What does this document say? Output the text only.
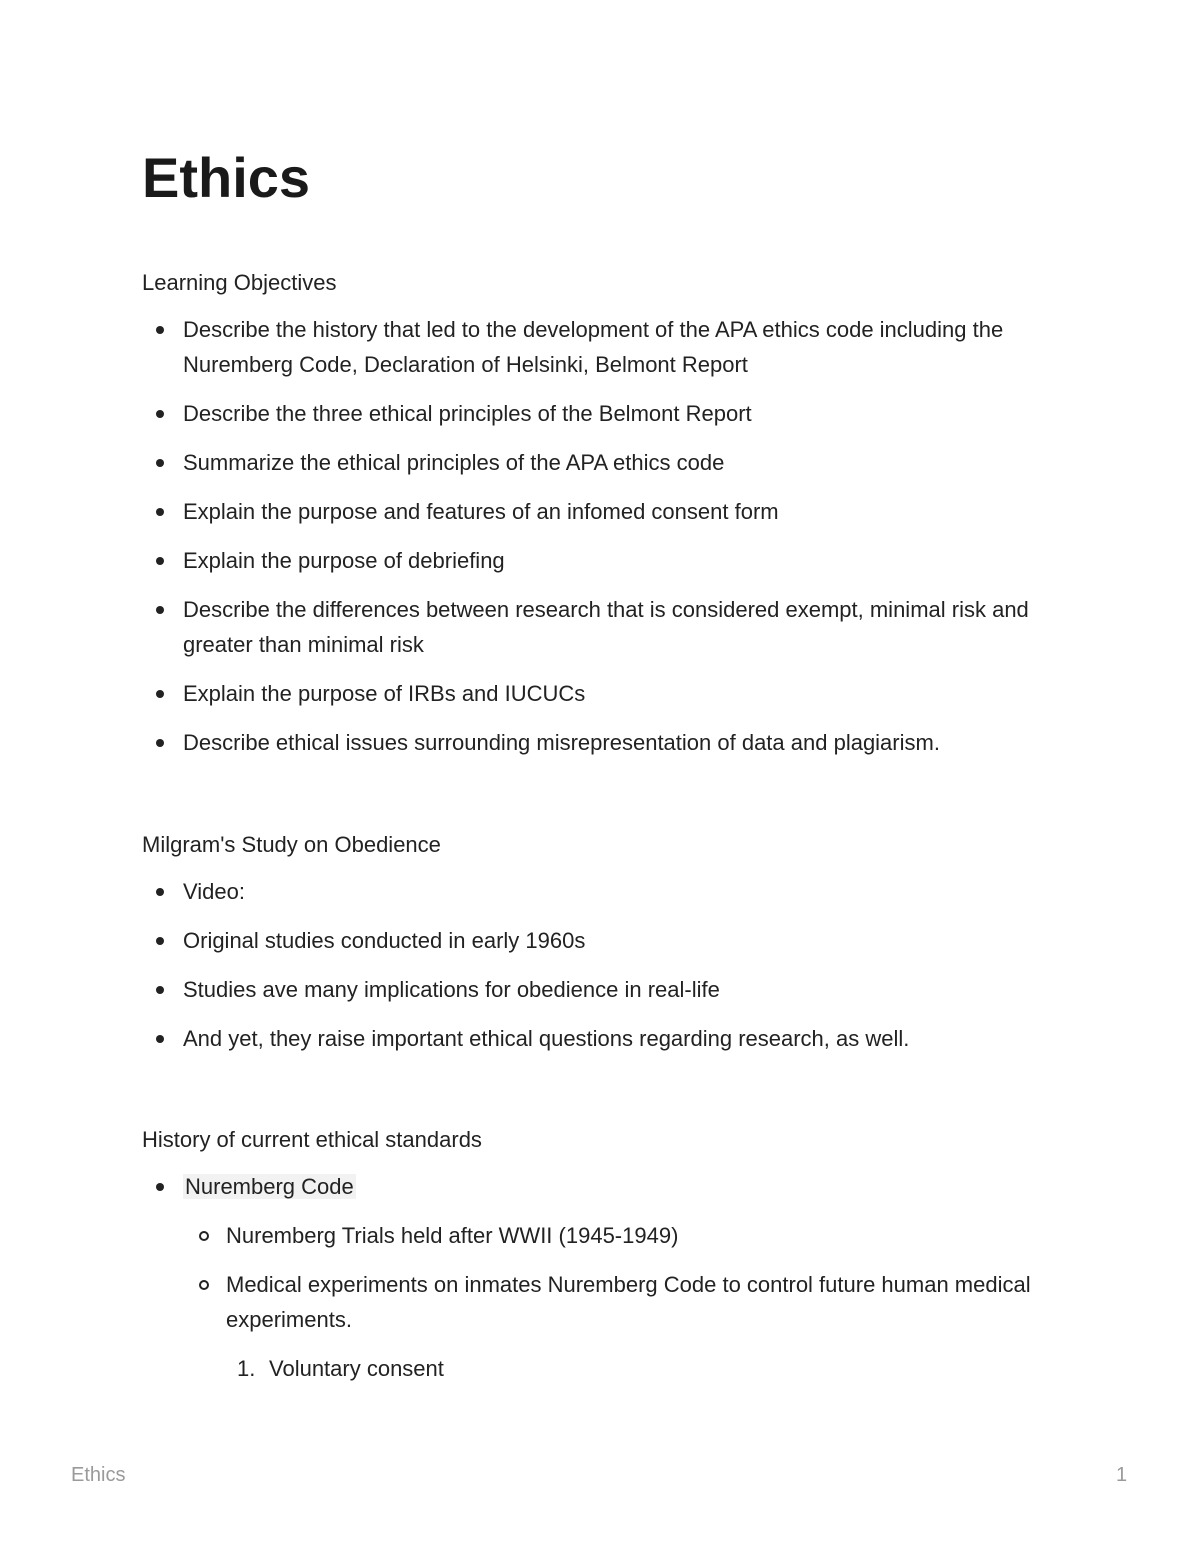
Ethics

Learning Objectives

Describe the history that led to the development of the APA ethics code including the Nuremberg Code, Declaration of Helsinki, Belmont Report
Describe the three ethical principles of the Belmont Report
Summarize the ethical principles of the APA ethics code
Explain the purpose and features of an infomed consent form
Explain the purpose of debriefing
Describe the differences between research that is considered exempt, minimal risk and greater than minimal risk
Explain the purpose of IRBs and IUCUCs
Describe ethical issues surrounding misrepresentation of data and plagiarism.

Milgram's Study on Obedience

Video:
Original studies conducted in early 1960s
Studies ave many implications for obedience in real-life
And yet, they raise important ethical questions regarding research, as well.

History of current ethical standards

Nuremberg Code
Nuremberg Trials held after WWII (1945-1949)
Medical experiments on inmates Nuremberg Code to control future human medical experiments.
1. Voluntary consent
Ethics	1
